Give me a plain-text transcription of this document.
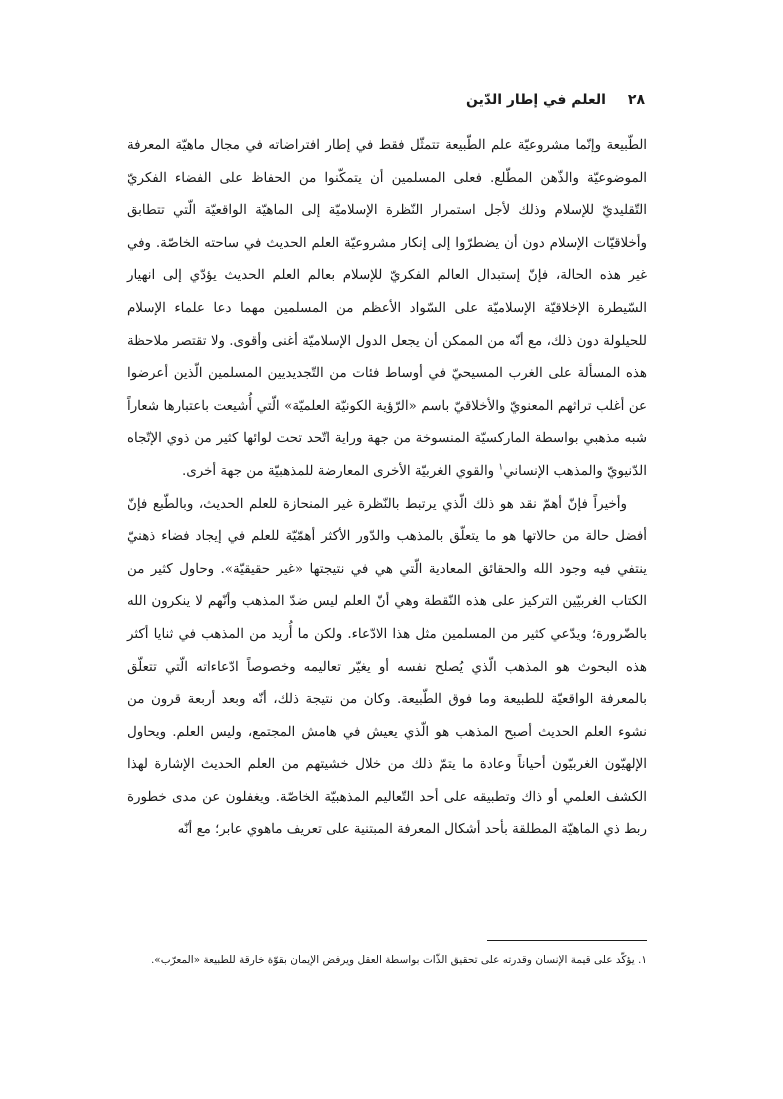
٢٨
العلم في إطار الدّين

الطّبيعة وإنّما مشروعيّة علم الطّبيعة تتمثّل فقط في إطار افتراضاته في مجال ماهيّة المعرفة الموضوعيّة والذّهن المطّلع. فعلى المسلمين أن يتمكّنوا من الحفاظ على الفضاء الفكريّ التّقليديّ للإسلام وذلك لأجل استمرار النّظرة الإسلاميّة إلى الماهيّة الواقعيّة الّتي تتطابق وأخلاقيّات الإسلام دون أن يضطرّوا إلى إنكار مشروعيّة العلم الحديث في ساحته الخاصّة. وفي غير هذه الحالة، فإنّ إستبدال العالم الفكريّ للإسلام بعالم العلم الحديث يؤدّي إلى انهيار السّيطرة الإخلاقيّة الإسلاميّة على السّواد الأعظم من المسلمين مهما دعا علماء الإسلام للحيلولة دون ذلك، مع أنّه من الممكن أن يجعل الدول الإسلاميّة أغنى وأقوى. ولا تقتصر ملاحظة هذه المسألة على الغرب المسيحيّ في أوساط فئات من التّجديديين المسلمين الّذين أعرضوا عن أغلب تراثهم المعنويّ والأخلاقيّ باسم «الرّؤية الكونيّة العلميّة» الّتي أُشيعت باعتبارها شعاراً شبه مذهبي بواسطة الماركسيّة المنسوخة من جهة وراية اتّحد تحت لوائها كثير من ذوي الإتّجاه الدّنيويّ والمذهب الإنساني$^١$ والقوي الغربيّة الأخرى المعارضة للمذهبيّة من جهة أخرى.

وأخيراً فإنّ أهمّ نقد هو ذلك الّذي يرتبط بالنّظرة غير المنحازة للعلم الحديث، وبالطّبع فإنّ أفضل حالة من حالاتها هو ما يتعلّق بالمذهب والدّور الأكثر أهمّيّة للعلم في إيجاد فضاء ذهنيّ ينتفي فيه وجود الله والحقائق المعادية الّتي هي في نتيجتها «غير حقيقيّة». وحاول كثير من الكتاب الغربيّين التركيز على هذه النّقطة وهي أنّ العلم ليس ضدّ المذهب وأنّهم لا ينكرون الله بالضّرورة؛ ويدّعي كثير من المسلمين مثل هذا الادّعاء. ولكن ما أُريد من المذهب في ثنايا أكثر هذه البحوث هو المذهب الّذي يُصلح نفسه أو يغيّر تعاليمه وخصوصاً ادّعاءاته الّتي تتعلّق بالمعرفة الواقعيّة للطبيعة وما فوق الطّبيعة. وكان من نتيجة ذلك، أنّه وبعد أربعة قرون من نشوء العلم الحديث أصبح المذهب هو الّذي يعيش في هامش المجتمع، وليس العلم. ويحاول الإلهيّون الغربيّون أحياناً وعادة ما يتمّ ذلك من خلال خشيتهم من العلم الحديث الإشارة لهذا الكشف العلمي أو ذاك وتطبيقه على أحد التّعاليم المذهبيّة الخاصّة. ويغفلون عن مدى خطورة ربط ذي الماهيّة المطلقة بأحد أشكال المعرفة المبتنية على تعريف ماهوي عابر؛ مع أنّه

١. يؤكّد على قيمة الإنسان وقدرته على تحقيق الذّات بواسطة العقل ويرفض الإيمان بقوّة خارقة للطبيعة «المعرّب».
